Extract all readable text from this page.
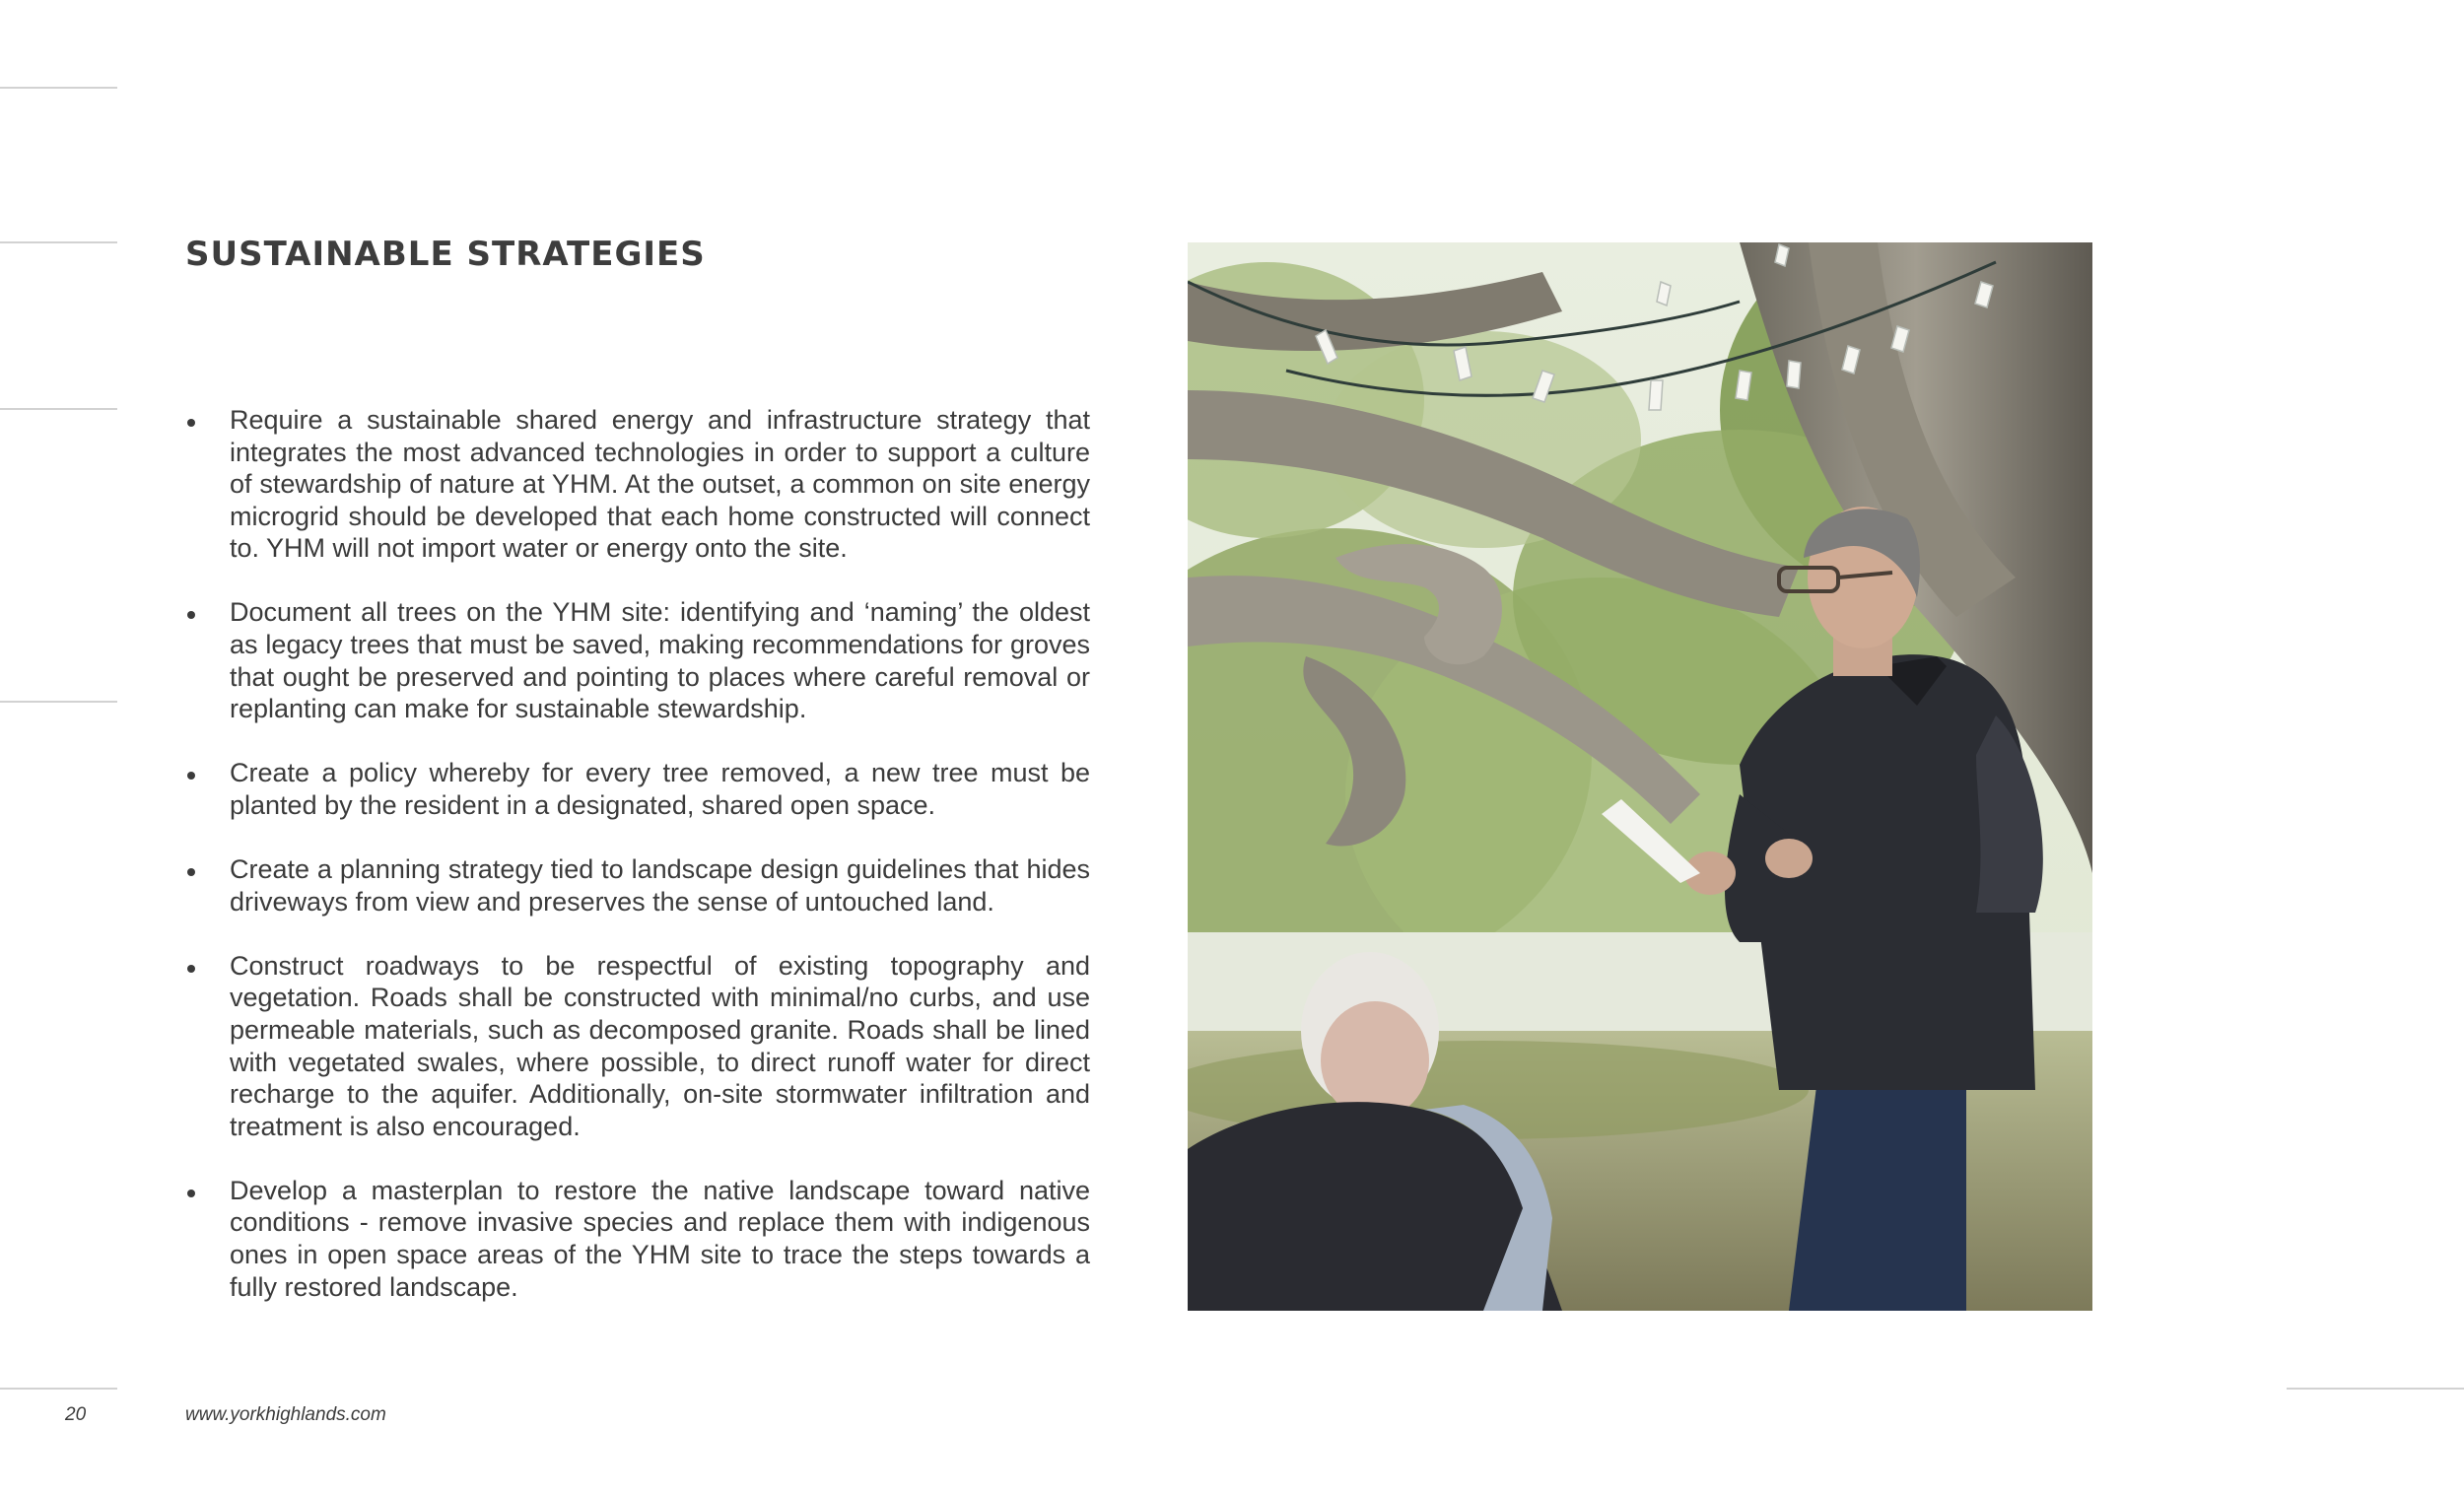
SUSTAINABLE STRATEGIES
Require a sustainable shared energy and infrastructure strategy that integrates the most advanced technologies in order to support a culture of stewardship of nature at YHM. At the outset, a common on site energy microgrid should be developed that each home constructed will connect to. YHM will not import water or energy onto the site.
Document all trees on the YHM site: identifying and ‘naming’ the oldest as legacy trees that must be saved, making recommendations for groves that ought be preserved and pointing to places where careful removal or replanting can make for sustainable stewardship.
Create a policy whereby for every tree removed, a new tree must be planted by the resident in a designated, shared open space.
Create a planning strategy tied to landscape design guidelines that hides driveways from view and preserves the sense of untouched land.
Construct roadways to be respectful of existing topography and vegetation. Roads shall be constructed with minimal/no curbs, and use permeable materials, such as decomposed granite. Roads shall be lined with vegetated swales, where possible, to direct runoff water for direct recharge to the aquifer. Additionally, on-site stormwater infiltration and treatment is also encouraged.
Develop a masterplan to restore the native landscape toward native conditions - remove invasive species and replace them with indigenous ones in open space areas of the YHM site to trace the steps towards a fully restored landscape.
20	www.yorkhighlands.com
